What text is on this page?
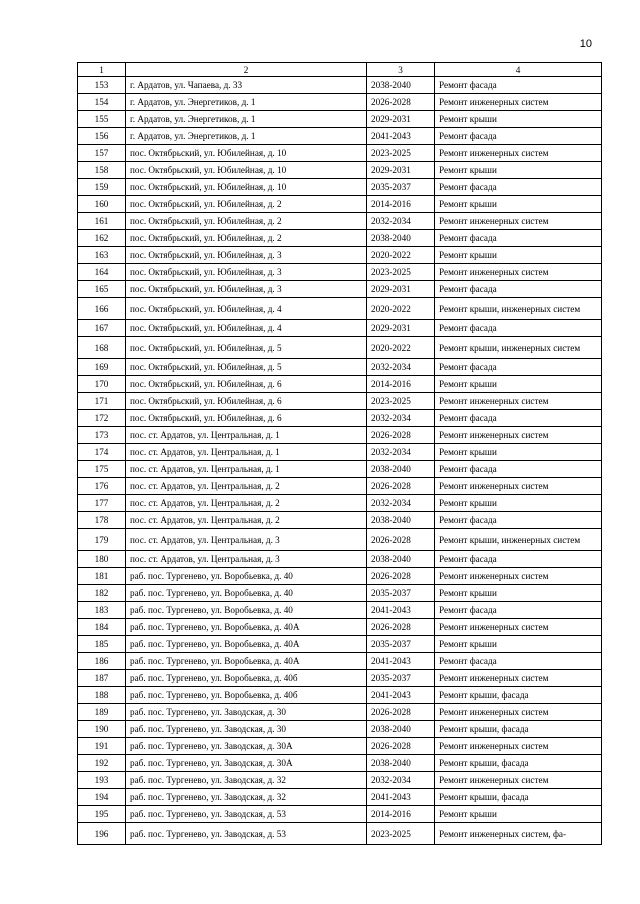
10
1	2	3	4
153	г. Ардатов, ул. Чапаева, д. 33	2038-2040	Ремонт фасада
154	г. Ардатов, ул. Энергетиков, д. 1	2026-2028	Ремонт инженерных систем
155	г. Ардатов, ул. Энергетиков, д. 1	2029-2031	Ремонт крыши
156	г. Ардатов, ул. Энергетиков, д. 1	2041-2043	Ремонт фасада
157	пос. Октябрьский, ул. Юбилейная, д. 10	2023-2025	Ремонт инженерных систем
158	пос. Октябрьский, ул. Юбилейная, д. 10	2029-2031	Ремонт крыши
159	пос. Октябрьский, ул. Юбилейная, д. 10	2035-2037	Ремонт фасада
160	пос. Октябрьский, ул. Юбилейная, д. 2	2014-2016	Ремонт крыши
161	пос. Октябрьский, ул. Юбилейная, д. 2	2032-2034	Ремонт инженерных систем
162	пос. Октябрьский, ул. Юбилейная, д. 2	2038-2040	Ремонт фасада
163	пос. Октябрьский, ул. Юбилейная, д. 3	2020-2022	Ремонт крыши
164	пос. Октябрьский, ул. Юбилейная, д. 3	2023-2025	Ремонт инженерных систем
165	пос. Октябрьский, ул. Юбилейная, д. 3	2029-2031	Ремонт фасада
166	пос. Октябрьский, ул. Юбилейная, д. 4	2020-2022	Ремонт крыши, инженерных систем
167	пос. Октябрьский, ул. Юбилейная, д. 4	2029-2031	Ремонт фасада
168	пос. Октябрьский, ул. Юбилейная, д. 5	2020-2022	Ремонт крыши, инженерных систем
169	пос. Октябрьский, ул. Юбилейная, д. 5	2032-2034	Ремонт фасада
170	пос. Октябрьский, ул. Юбилейная, д. 6	2014-2016	Ремонт крыши
171	пос. Октябрьский, ул. Юбилейная, д. 6	2023-2025	Ремонт инженерных систем
172	пос. Октябрьский, ул. Юбилейная, д. 6	2032-2034	Ремонт фасада
173	пос. ст. Ардатов, ул. Центральная, д. 1	2026-2028	Ремонт инженерных систем
174	пос. ст. Ардатов, ул. Центральная, д. 1	2032-2034	Ремонт крыши
175	пос. ст. Ардатов, ул. Центральная, д. 1	2038-2040	Ремонт фасада
176	пос. ст. Ардатов, ул. Центральная, д. 2	2026-2028	Ремонт инженерных систем
177	пос. ст. Ардатов, ул. Центральная, д. 2	2032-2034	Ремонт крыши
178	пос. ст. Ардатов, ул. Центральная, д. 2	2038-2040	Ремонт фасада
179	пос. ст. Ардатов, ул. Центральная, д. 3	2026-2028	Ремонт крыши, инженерных систем
180	пос. ст. Ардатов, ул. Центральная, д. 3	2038-2040	Ремонт фасада
181	раб. пос. Тургенево, ул. Воробьевка, д. 40	2026-2028	Ремонт инженерных систем
182	раб. пос. Тургенево, ул. Воробьевка, д. 40	2035-2037	Ремонт крыши
183	раб. пос. Тургенево, ул. Воробьевка, д. 40	2041-2043	Ремонт фасада
184	раб. пос. Тургенево, ул. Воробьевка, д. 40А	2026-2028	Ремонт инженерных систем
185	раб. пос. Тургенево, ул. Воробьевка, д. 40А	2035-2037	Ремонт крыши
186	раб. пос. Тургенево, ул. Воробьевка, д. 40А	2041-2043	Ремонт фасада
187	раб. пос. Тургенево, ул. Воробьевка, д. 40б	2035-2037	Ремонт инженерных систем
188	раб. пос. Тургенево, ул. Воробьевка, д. 40б	2041-2043	Ремонт крыши, фасада
189	раб. пос. Тургенево, ул. Заводская, д. 30	2026-2028	Ремонт инженерных систем
190	раб. пос. Тургенево, ул. Заводская, д. 30	2038-2040	Ремонт крыши, фасада
191	раб. пос. Тургенево, ул. Заводская, д. 30А	2026-2028	Ремонт инженерных систем
192	раб. пос. Тургенево, ул. Заводская, д. 30А	2038-2040	Ремонт крыши, фасада
193	раб. пос. Тургенево, ул. Заводская, д. 32	2032-2034	Ремонт инженерных систем
194	раб. пос. Тургенево, ул. Заводская, д. 32	2041-2043	Ремонт крыши, фасада
195	раб. пос. Тургенево, ул. Заводская, д. 53	2014-2016	Ремонт крыши
196	раб. пос. Тургенево, ул. Заводская, д. 53	2023-2025	Ремонт инженерных систем, фа-
